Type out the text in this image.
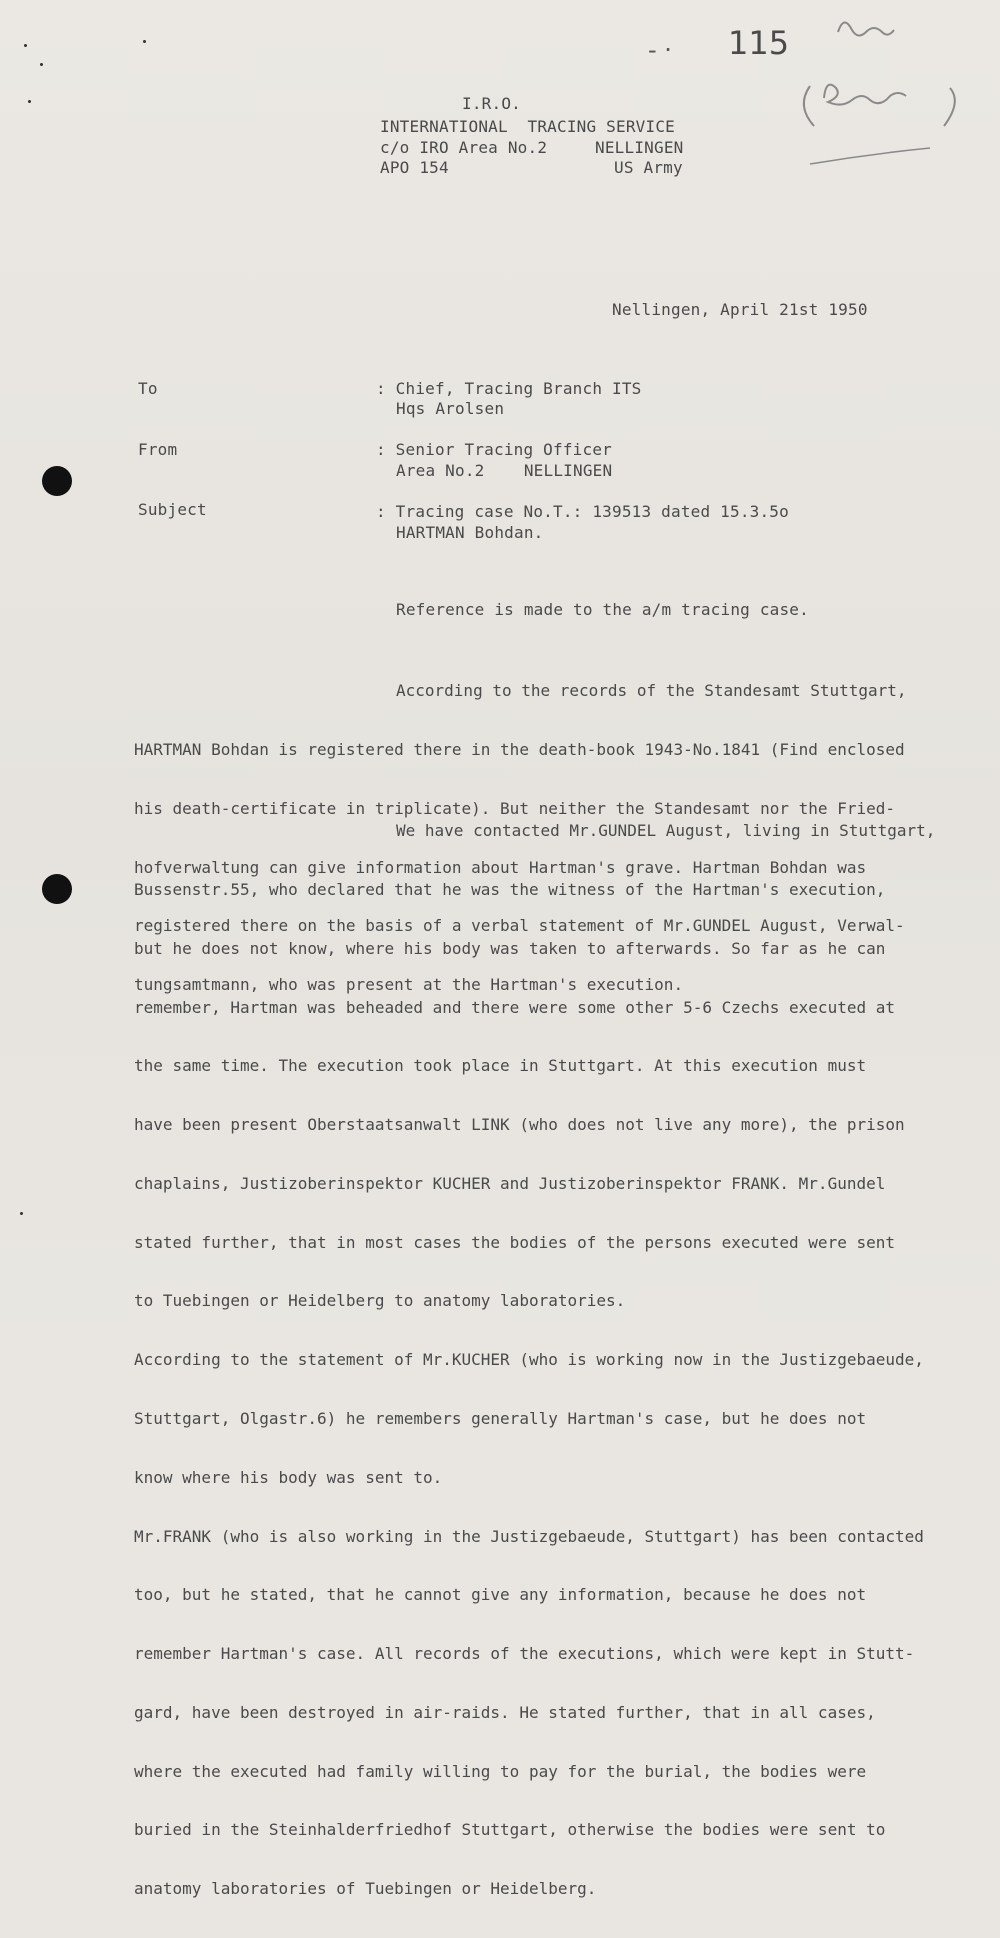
- · 115
I.R.O.
INTERNATIONAL  TRACING SERVICE
c/o IRO Area No.2	NELLINGEN
APO 154	US Army
Nellingen, April 21st 1950
To	: Chief, Tracing Branch ITS
Hqs Arolsen
From	: Senior Tracing Officer
Area No.2    NELLINGEN
Subject	: Tracing case No.T.: 139513 dated 15.3.5o
HARTMAN Bohdan.
Reference is made to the a/m tracing case.

According to the records of the Standesamt Stuttgart,

HARTMAN Bohdan is registered there in the death-book 1943-No.1841 (Find enclosed

his death-certificate in triplicate). But neither the Standesamt nor the Fried-

hofverwaltung can give information about Hartman's grave. Hartman Bohdan was

registered there on the basis of a verbal statement of Mr.GUNDEL August, Verwal-

tungsamtmann, who was present at the Hartman's execution.

We have contacted Mr.GUNDEL August, living in Stuttgart,

Bussenstr.55, who declared that he was the witness of the Hartman's execution,

but he does not know, where his body was taken to afterwards. So far as he can

remember, Hartman was beheaded and there were some other 5-6 Czechs executed at

the same time. The execution took place in Stuttgart. At this execution must

have been present Oberstaatsanwalt LINK (who does not live any more), the prison

chaplains, Justizoberinspektor KUCHER and Justizoberinspektor FRANK. Mr.Gundel

stated further, that in most cases the bodies of the persons executed were sent

to Tuebingen or Heidelberg to anatomy laboratories.

According to the statement of Mr.KUCHER (who is working now in the Justizgebaeude,

Stuttgart, Olgastr.6) he remembers generally Hartman's case, but he does not

know where his body was sent to.

Mr.FRANK (who is also working in the Justizgebaeude, Stuttgart) has been contacted

too, but he stated, that he cannot give any information, because he does not

remember Hartman's case. All records of the executions, which were kept in Stutt-

gard, have been destroyed in air-raids. He stated further, that in all cases,

where the executed had family willing to pay for the burial, the bodies were

buried in the Steinhalderfriedhof Stuttgart, otherwise the bodies were sent to

anatomy laboratories of Tuebingen or Heidelberg.
